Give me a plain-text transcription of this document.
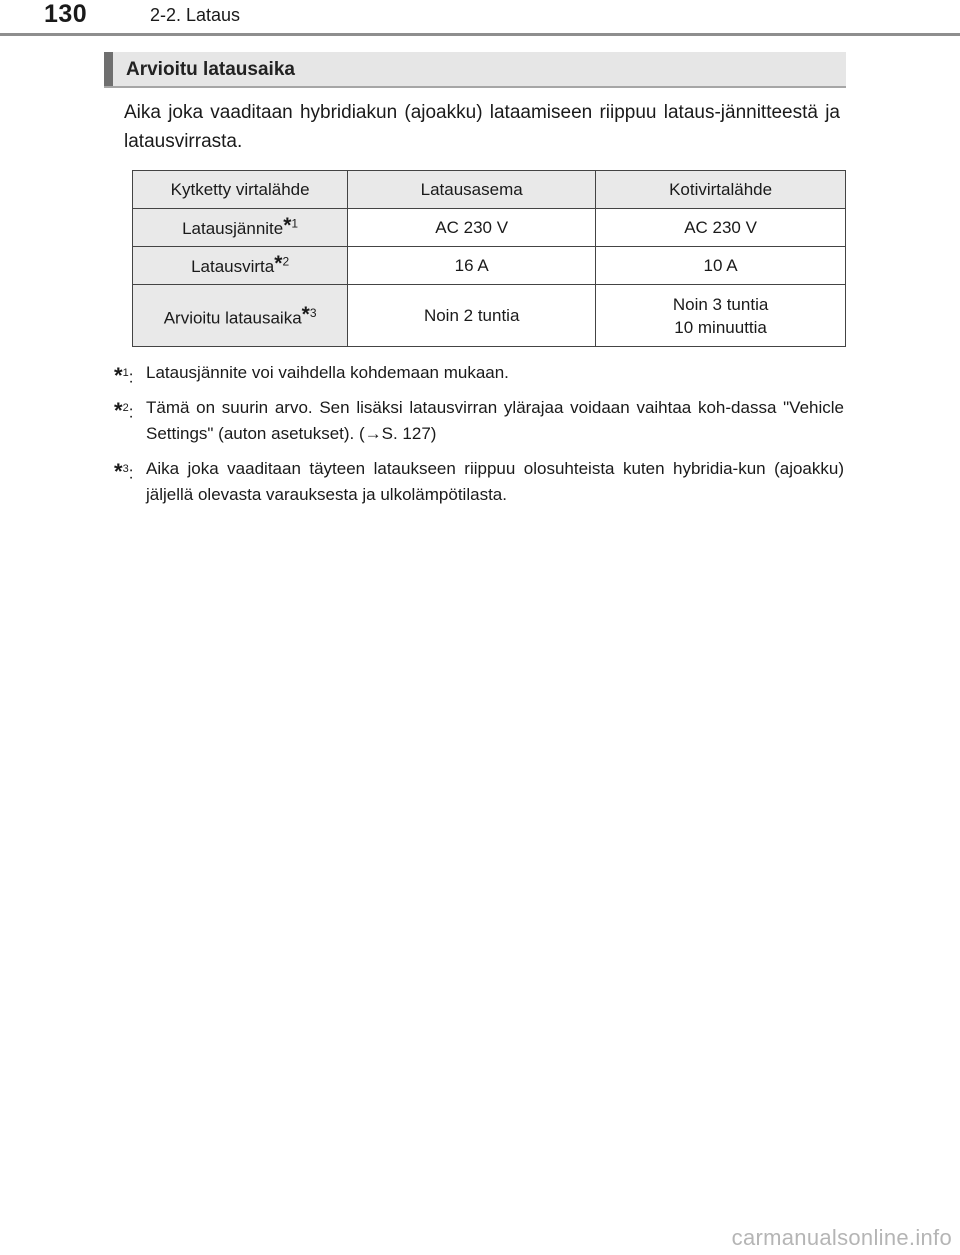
130	2-2. Lataus
Arvioitu latausaika
Aika joka vaaditaan hybridiakun (ajoakku) lataamiseen riippuu lataus-jännitteestä ja latausvirrasta.
Kytketty virtalähde	Latausasema	Kotivirtalähde
Latausjännite*$^1$	AC 230 V	AC 230 V
Latausvirta*$^2$	16 A	10 A
Arvioitu latausaika*$^3$	Noin 2 tuntia	Noin 3 tuntia
10 minuuttia
*$^1$: Latausjännite voi vaihdella kohdemaan mukaan.
*$^2$: Tämä on suurin arvo. Sen lisäksi latausvirran ylärajaa voidaan vaihtaa koh-dassa "Vehicle Settings" (auton asetukset). (→S. 127)
*$^3$: Aika joka vaaditaan täyteen lataukseen riippuu olosuhteista kuten hybridia-kun (ajoakku) jäljellä olevasta varauksesta ja ulkolämpötilasta.
carmanualsonline.info
